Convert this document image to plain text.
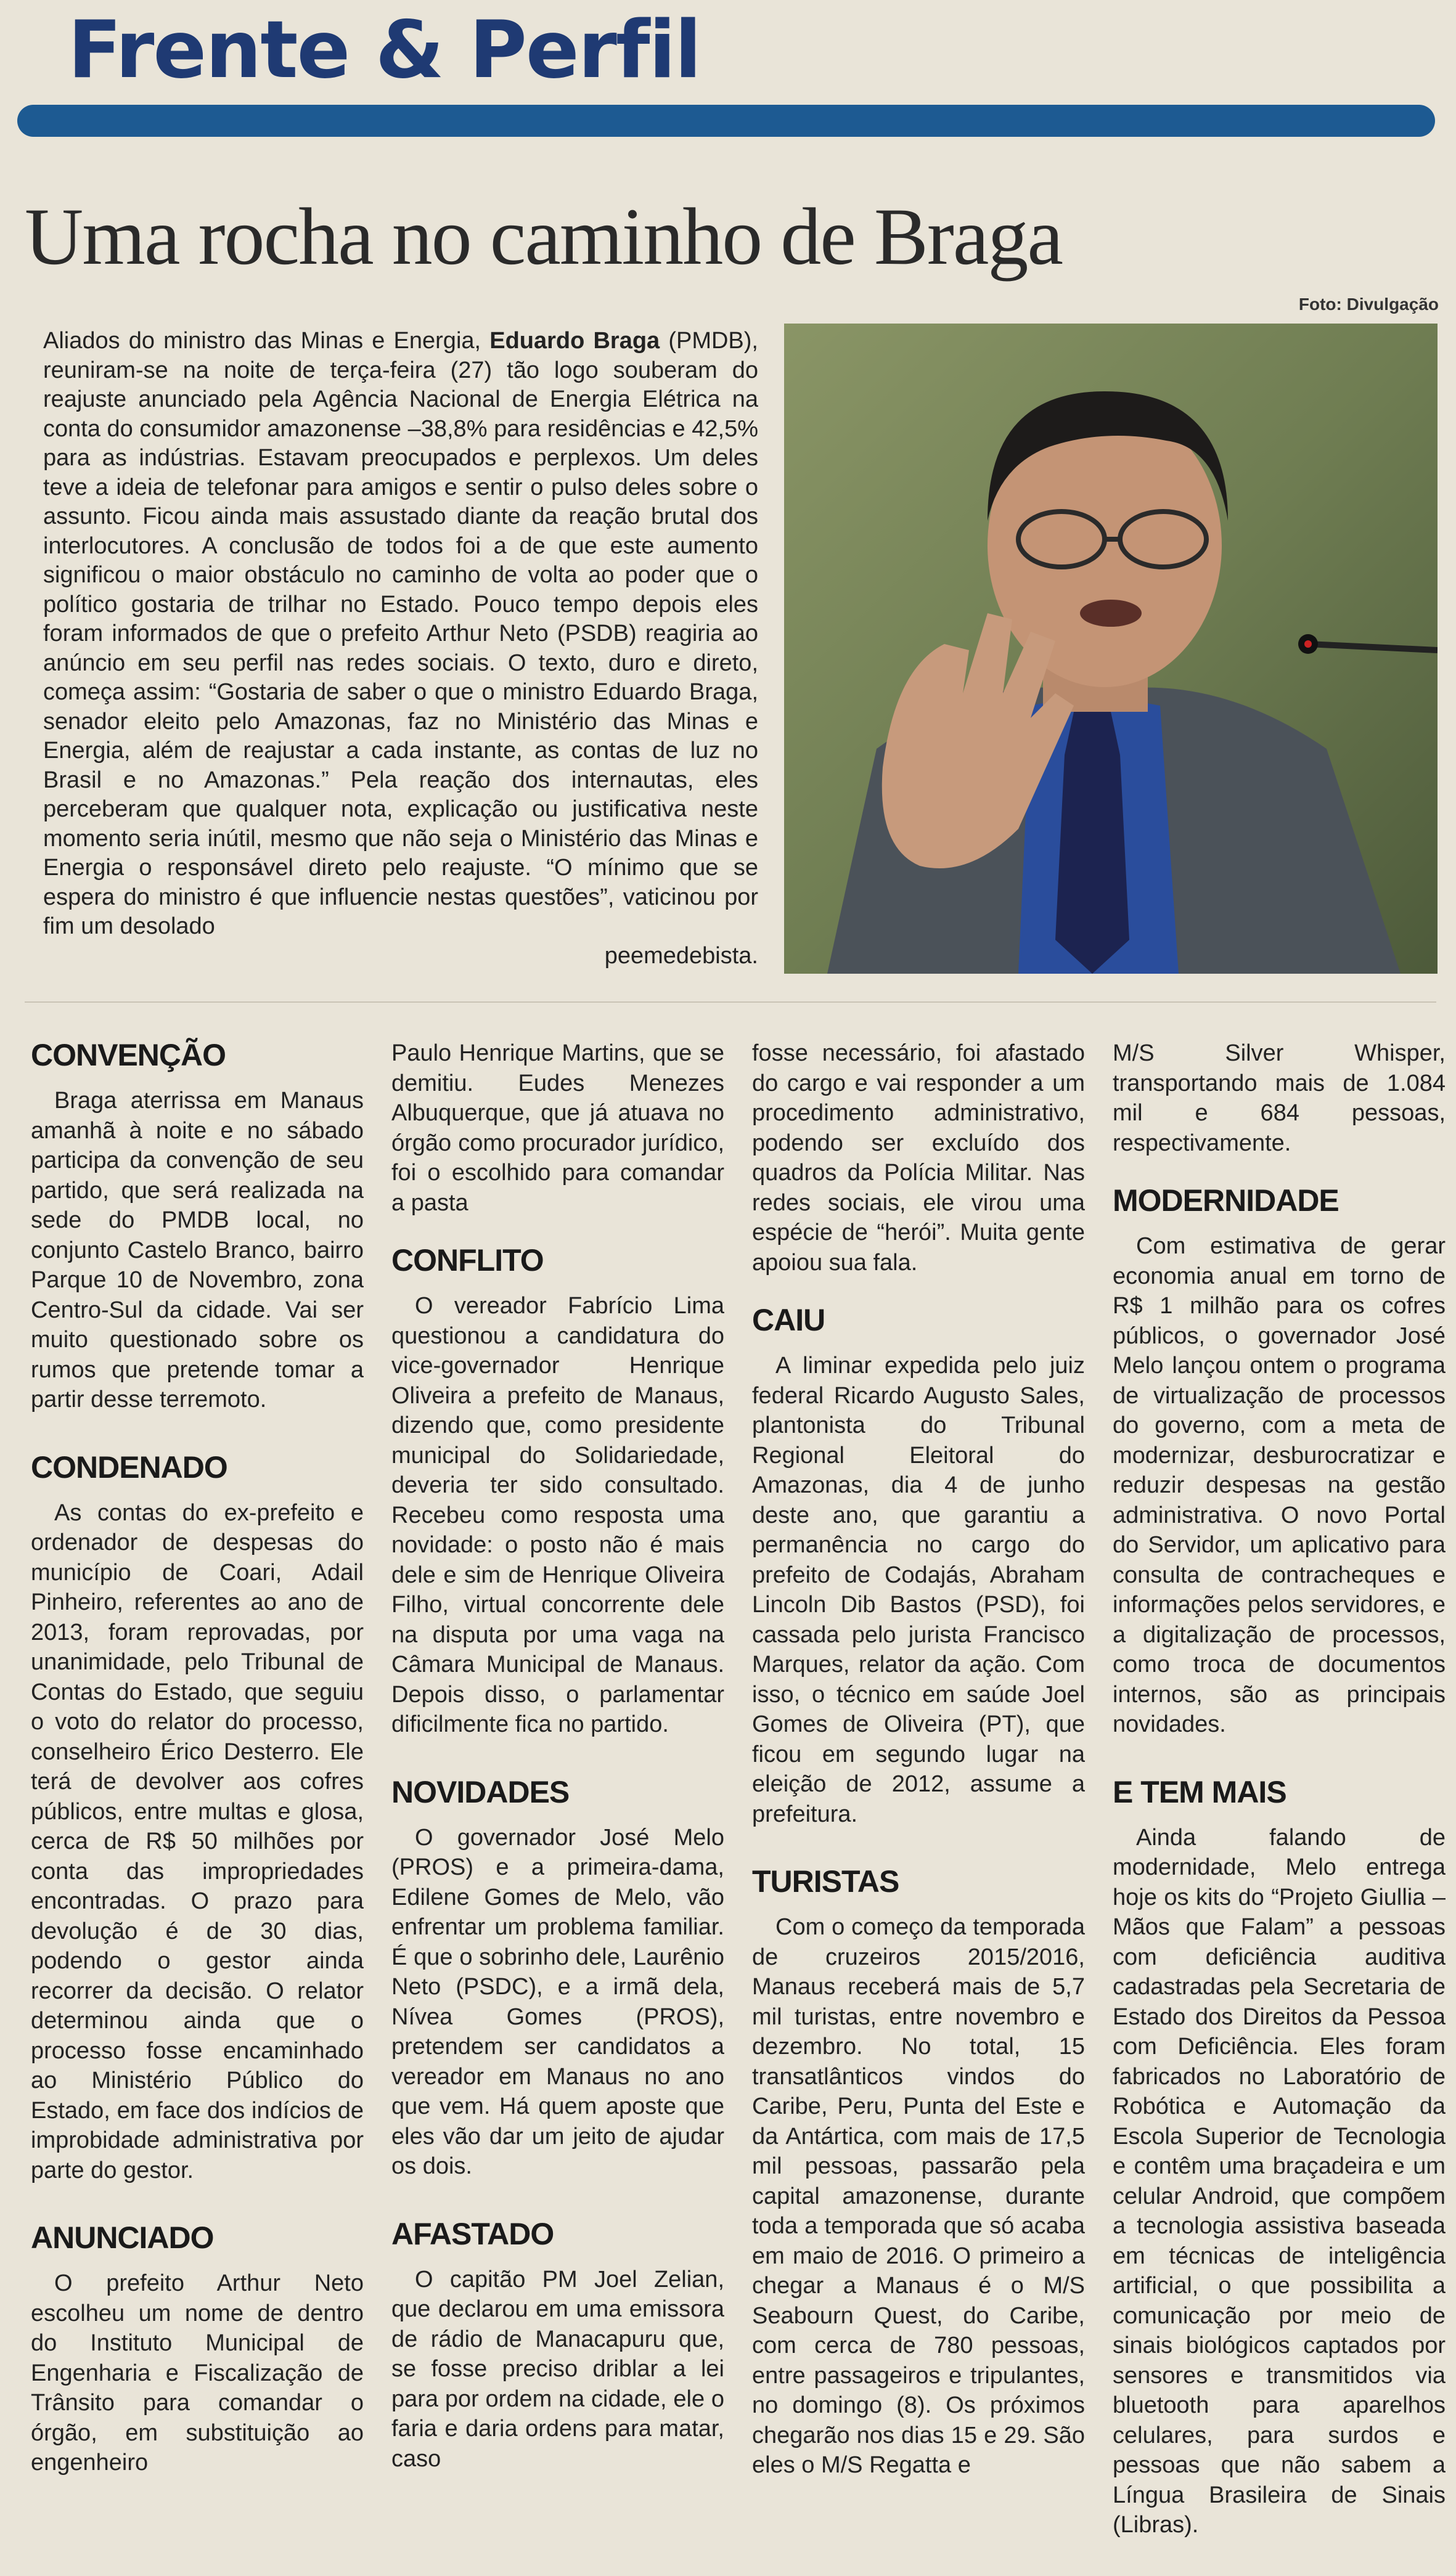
Frente & Perfil
Uma rocha no caminho de Braga
Foto: Divulgação
Aliados do ministro das Minas e Energia, Eduardo Braga (PMDB), reuniram-se na noite de terça-feira (27) tão logo souberam do reajuste anunciado pela Agência Nacional de Energia Elétrica na conta do consumidor amazonense –38,8% para residências e 42,5% para as indústrias. Estavam preocupados e perplexos. Um deles teve a ideia de telefonar para amigos e sentir o pulso deles sobre o assunto. Ficou ainda mais assustado diante da reação brutal dos interlocutores. A conclusão de todos foi a de que este aumento significou o maior obstáculo no caminho de volta ao poder que o político gostaria de trilhar no Estado. Pouco tempo depois eles foram informados de que o prefeito Arthur Neto (PSDB) reagiria ao anúncio em seu perfil nas redes sociais. O texto, duro e direto, começa assim: “Gostaria de saber o que o ministro Eduardo Braga, senador eleito pelo Amazonas, faz no Ministério das Minas e Energia, além de reajustar a cada instante, as contas de luz no Brasil e no Amazonas.” Pela reação dos internautas, eles perceberam que qualquer nota, explicação ou justificativa neste momento seria inútil, mesmo que não seja o Ministério das Minas e Energia o responsável direto pelo reajuste. “O mínimo que se espera do ministro é que influencie nestas questões”, vaticinou por fim um desolado
peemedebista.
CONVENÇÃO

Braga aterrissa em Manaus amanhã à noite e no sábado participa da convenção de seu partido, que será realizada na sede do PMDB local, no conjunto Castelo Branco, bairro Parque 10 de Novembro, zona Centro-Sul da cidade. Vai ser muito questionado sobre os rumos que pretende tomar a partir desse terremoto.

CONDENADO

As contas do ex-prefeito e ordenador de despesas do município de Coari, Adail Pinheiro, referentes ao ano de 2013, foram reprovadas, por unanimidade, pelo Tribunal de Contas do Estado, que seguiu o voto do relator do processo, conselheiro Érico Desterro. Ele terá de devolver aos cofres públicos, entre multas e glosa, cerca de R$ 50 milhões por conta das impropriedades encontradas. O prazo para devolução é de 30 dias, podendo o gestor ainda recorrer da decisão. O relator determinou ainda que o processo fosse encaminhado ao Ministério Público do Estado, em face dos indícios de improbidade administrativa por parte do gestor.

ANUNCIADO

O prefeito Arthur Neto escolheu um nome de dentro do Instituto Municipal de Engenharia e Fiscalização de Trânsito para comandar o órgão, em substituição ao engenheiro

Paulo Henrique Martins, que se demitiu. Eudes Menezes Albuquerque, que já atuava no órgão como procurador jurídico, foi o escolhido para comandar a pasta

CONFLITO

O vereador Fabrício Lima questionou a candidatura do vice-governador Henrique Oliveira a prefeito de Manaus, dizendo que, como presidente municipal do Solidariedade, deveria ter sido consultado. Recebeu como resposta uma novidade: o posto não é mais dele e sim de Henrique Oliveira Filho, virtual concorrente dele na disputa por uma vaga na Câmara Municipal de Manaus. Depois disso, o parlamentar dificilmente fica no partido.

NOVIDADES

O governador José Melo (PROS) e a primeira-dama, Edilene Gomes de Melo, vão enfrentar um problema familiar. É que o sobrinho dele, Laurênio Neto (PSDC), e a irmã dela, Nívea Gomes (PROS), pretendem ser candidatos a vereador em Manaus no ano que vem. Há quem aposte que eles vão dar um jeito de ajudar os dois.

AFASTADO

O capitão PM Joel Zelian, que declarou em uma emissora de rádio de Manacapuru que, se fosse preciso driblar a lei para por ordem na cidade, ele o faria e daria ordens para matar, caso

fosse necessário, foi afastado do cargo e vai responder a um procedimento administrativo, podendo ser excluído dos quadros da Polícia Militar. Nas redes sociais, ele virou uma espécie de “herói”. Muita gente apoiou sua fala.

CAIU

A liminar expedida pelo juiz federal Ricardo Augusto Sales, plantonista do Tribunal Regional Eleitoral do Amazonas, dia 4 de junho deste ano, que garantiu a permanência no cargo do prefeito de Codajás, Abraham Lincoln Dib Bastos (PSD), foi cassada pelo jurista Francisco Marques, relator da ação. Com isso, o técnico em saúde Joel Gomes de Oliveira (PT), que ficou em segundo lugar na eleição de 2012, assume a prefeitura.

TURISTAS

Com o começo da temporada de cruzeiros 2015/2016, Manaus receberá mais de 5,7 mil turistas, entre novembro e dezembro. No total, 15 transatlânticos vindos do Caribe, Peru, Punta del Este e da Antártica, com mais de 17,5 mil pessoas, passarão pela capital amazonense, durante toda a temporada que só acaba em maio de 2016. O primeiro a chegar a Manaus é o M/S Seabourn Quest, do Caribe, com cerca de 780 pessoas, entre passageiros e tripulantes, no domingo (8). Os próximos chegarão nos dias 15 e 29. São eles o M/S Regatta e

M/S Silver Whisper, transportando mais de 1.084 mil e 684 pessoas, respectivamente.

MODERNIDADE

Com estimativa de gerar economia anual em torno de R$ 1 milhão para os cofres públicos, o governador José Melo lançou ontem o programa de virtualização de processos do governo, com a meta de modernizar, desburocratizar e reduzir despesas na gestão administrativa. O novo Portal do Servidor, um aplicativo para consulta de contracheques e informações pelos servidores, e a digitalização de processos, como troca de documentos internos, são as principais novidades.

E TEM MAIS

Ainda falando de modernidade, Melo entrega hoje os kits do “Projeto Giullia – Mãos que Falam” a pessoas com deficiência auditiva cadastradas pela Secretaria de Estado dos Direitos da Pessoa com Deficiência. Eles foram fabricados no Laboratório de Robótica e Automação da Escola Superior de Tecnologia e contêm uma braçadeira e um celular Android, que compõem a tecnologia assistiva baseada em técnicas de inteligência artificial, o que possibilita a comunicação por meio de sinais biológicos captados por sensores e transmitidos via bluetooth para aparelhos celulares, para surdos e pessoas que não sabem a Língua Brasileira de Sinais (Libras).
